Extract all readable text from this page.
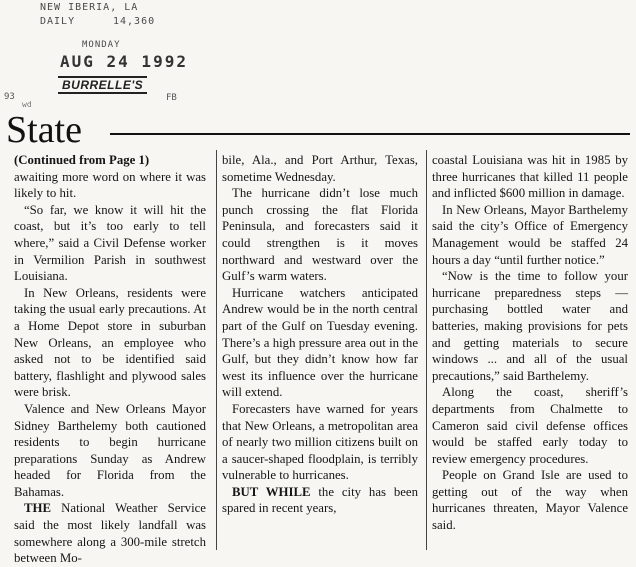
NEW IBERIA, LA
DAILY	14,360
MONDAY
AUG 24 1992
BURRELLE'S
93
wd
FB
State

(Continued from Page 1)
awaiting more word on where it was likely to hit.

“So far, we know it will hit the coast, but it’s too early to tell where,” said a Civil Defense worker in Vermilion Parish in southwest Louisiana.

In New Orleans, residents were taking the usual early precautions. At a Home Depot store in suburban New Orleans, an employee who asked not to be identified said battery, flashlight and plywood sales were brisk.

Valence and New Orleans Mayor Sidney Barthelemy both cautioned residents to begin hurricane preparations Sunday as Andrew headed for Florida from the Bahamas.

THE National Weather Service said the most likely landfall was somewhere along a 300-mile stretch between Mo-

bile, Ala., and Port Arthur, Texas, sometime Wednesday.

The hurricane didn’t lose much punch crossing the flat Florida Peninsula, and forecasters said it could strengthen is it moves northward and westward over the Gulf’s warm waters.

Hurricane watchers anticipated Andrew would be in the north central part of the Gulf on Tuesday evening. There’s a high pressure area out in the Gulf, but they didn’t know how far west its influence over the hurricane will extend.

Forecasters have warned for years that New Orleans, a metropolitan area of nearly two million citizens built on a saucer-shaped floodplain, is terribly vulnerable to hurricanes.

BUT WHILE the city has been spared in recent years,

coastal Louisiana was hit in 1985 by three hurricanes that killed 11 people and inflicted $600 million in damage.

In New Orleans, Mayor Barthelemy said the city’s Office of Emergency Management would be staffed 24 hours a day “until further notice.”

“Now is the time to follow your hurricane preparedness steps — purchasing bottled water and batteries, making provisions for pets and getting materials to secure windows ... and all of the usual precautions,” said Barthelemy.

Along the coast, sheriff’s departments from Chalmette to Cameron said civil defense offices would be staffed early today to review emergency procedures.

People on Grand Isle are used to getting out of the way when hurricanes threaten, Mayor Valence said.
